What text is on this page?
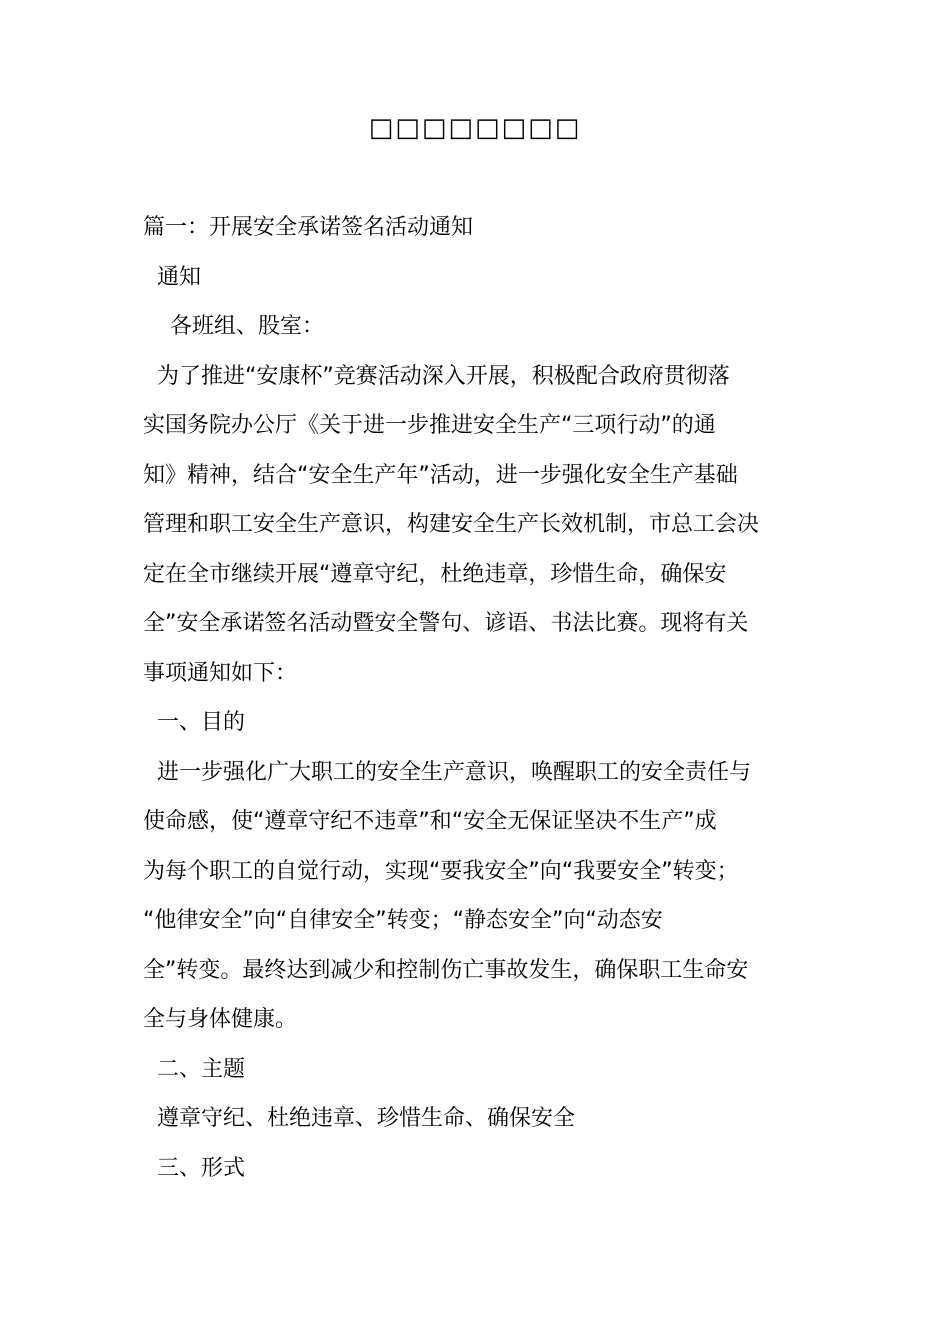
□□□□□□□□
篇一：开展安全承诺签名活动通知
通知
各班组、股室：
为了推进“安康杯”竞赛活动深入开展，积极配合政府贯彻落
实国务院办公厅《关于进一步推进安全生产“三项行动”的通
知》精神，结合“安全生产年”活动，进一步强化安全生产基础
管理和职工安全生产意识，构建安全生产长效机制，市总工会决
定在全市继续开展“遵章守纪，杜绝违章，珍惜生命，确保安
全”安全承诺签名活动暨安全警句、谚语、书法比赛。现将有关
事项通知如下：
一、目的
进一步强化广大职工的安全生产意识，唤醒职工的安全责任与
使命感，使“遵章守纪不违章”和“安全无保证坚决不生产”成
为每个职工的自觉行动，实现“要我安全”向“我要安全”转变；
“他律安全”向“自律安全”转变；“静态安全”向“动态安
全”转变。最终达到减少和控制伤亡事故发生，确保职工生命安
全与身体健康。
二、主题
遵章守纪、杜绝违章、珍惜生命、确保安全
三、形式
